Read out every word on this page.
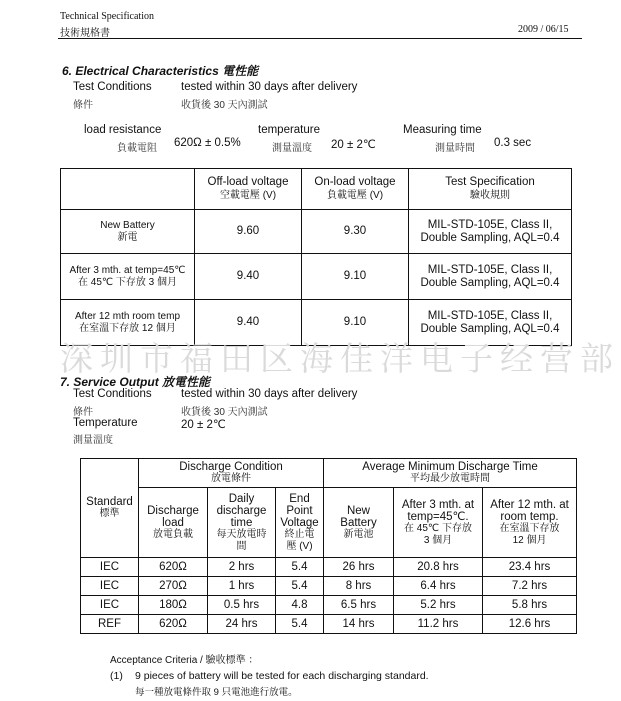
Technical Specification
技術規格書	2009 / 06/15
6. Electrical Characteristics 電性能
Test Conditions
條件
tested within 30 days after delivery
收貨後 30 天內測試
load resistance
負載電阻 620Ω ± 0.5%
temperature
測量溫度 20 ± 2℃
Measuring time
測量時間 0.3 sec

	Off-load voltage
空載電壓 (V)	On-load voltage
負載電壓 (V)	Test Specification
驗收規則

New Battery
新電	9.60	9.30	MIL-STD-105E, Class II,
Double Sampling, AQL=0.4

After 3 mth. at temp=45℃
在 45℃ 下存放 3 個月	9.40	9.10	MIL-STD-105E, Class II,
Double Sampling, AQL=0.4

After 12 mth room temp
在室溫下存放 12 個月	9.40	9.10	MIL-STD-105E, Class II,
Double Sampling, AQL=0.4
深圳市福田区海佳洋电子经营部
7. Service Output 放電性能
Test Conditions
條件
tested within 30 days after delivery
收貨後 30 天內測試
Temperature
測量溫度
20 ± 2℃
Standard
標準	Discharge Condition
放電條件			Average Minimum Discharge Time
平均最少放電時間		

	Discharge
load
放電負載	Daily
discharge
time
每天放電時
間	End
Point
Voltage
終止電
壓 (V)	New
Battery
新電池	After 3 mth. at
temp=45℃.
在 45℃ 下存放
3 個月	After 12 mth. at
room temp.
在室溫下存放
12 個月

IEC	620Ω	2 hrs	5.4	26 hrs	20.8 hrs	23.4 hrs
IEC	270Ω	1 hrs	5.4	8 hrs	6.4 hrs	7.2 hrs
IEC	180Ω	0.5 hrs	4.8	6.5 hrs	5.2 hrs	5.8 hrs
REF	620Ω	24 hrs	5.4	14 hrs	11.2 hrs	12.6 hrs
Acceptance Criteria / 驗收標準 ：
(1) 9 pieces of battery will be tested for each discharging standard.
每一種放電條件取 9 只電池進行放電。
